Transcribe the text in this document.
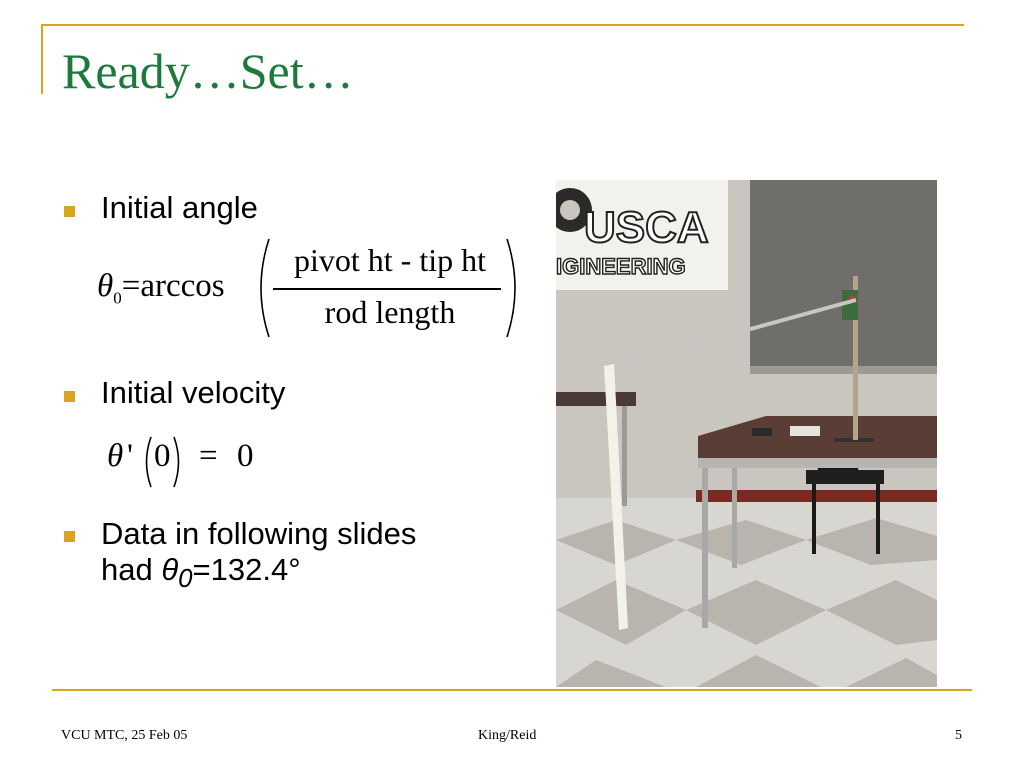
Ready…Set…
Initial angle
$\theta_0=\arccos$
pivot ht - tip ht
rod length
Initial velocity
θ ' 0 = 0
Data in following slides
had $\theta_0=132.4^\circ$
USCA
IGINEERING
VCU MTC, 25 Feb 05	King/Reid	5
